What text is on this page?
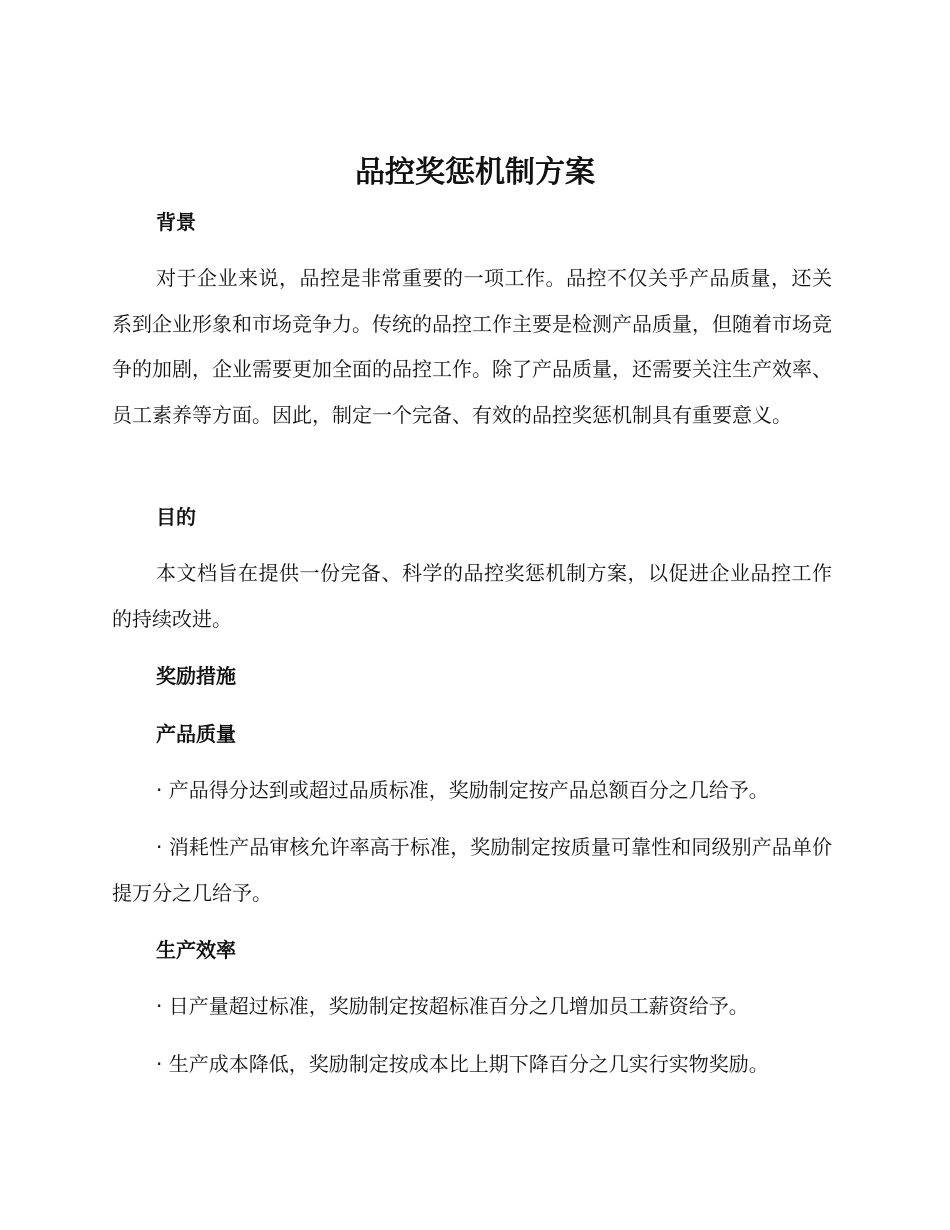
品控奖惩机制方案
背景

对于企业来说，品控是非常重要的一项工作。品控不仅关乎产品质量，还关系到企业形象和市场竞争力。传统的品控工作主要是检测产品质量，但随着市场竞争的加剧，企业需要更加全面的品控工作。除了产品质量，还需要关注生产效率、员工素养等方面。因此，制定一个完备、有效的品控奖惩机制具有重要意义。

目的

本文档旨在提供一份完备、科学的品控奖惩机制方案，以促进企业品控工作的持续改进。

奖励措施
产品质量

· 产品得分达到或超过品质标准，奖励制定按产品总额百分之几给予。

· 消耗性产品审核允许率高于标准，奖励制定按质量可靠性和同级别产品单价提万分之几给予。

生产效率

· 日产量超过标准，奖励制定按超标准百分之几增加员工薪资给予。

· 生产成本降低，奖励制定按成本比上期下降百分之几实行实物奖励。
